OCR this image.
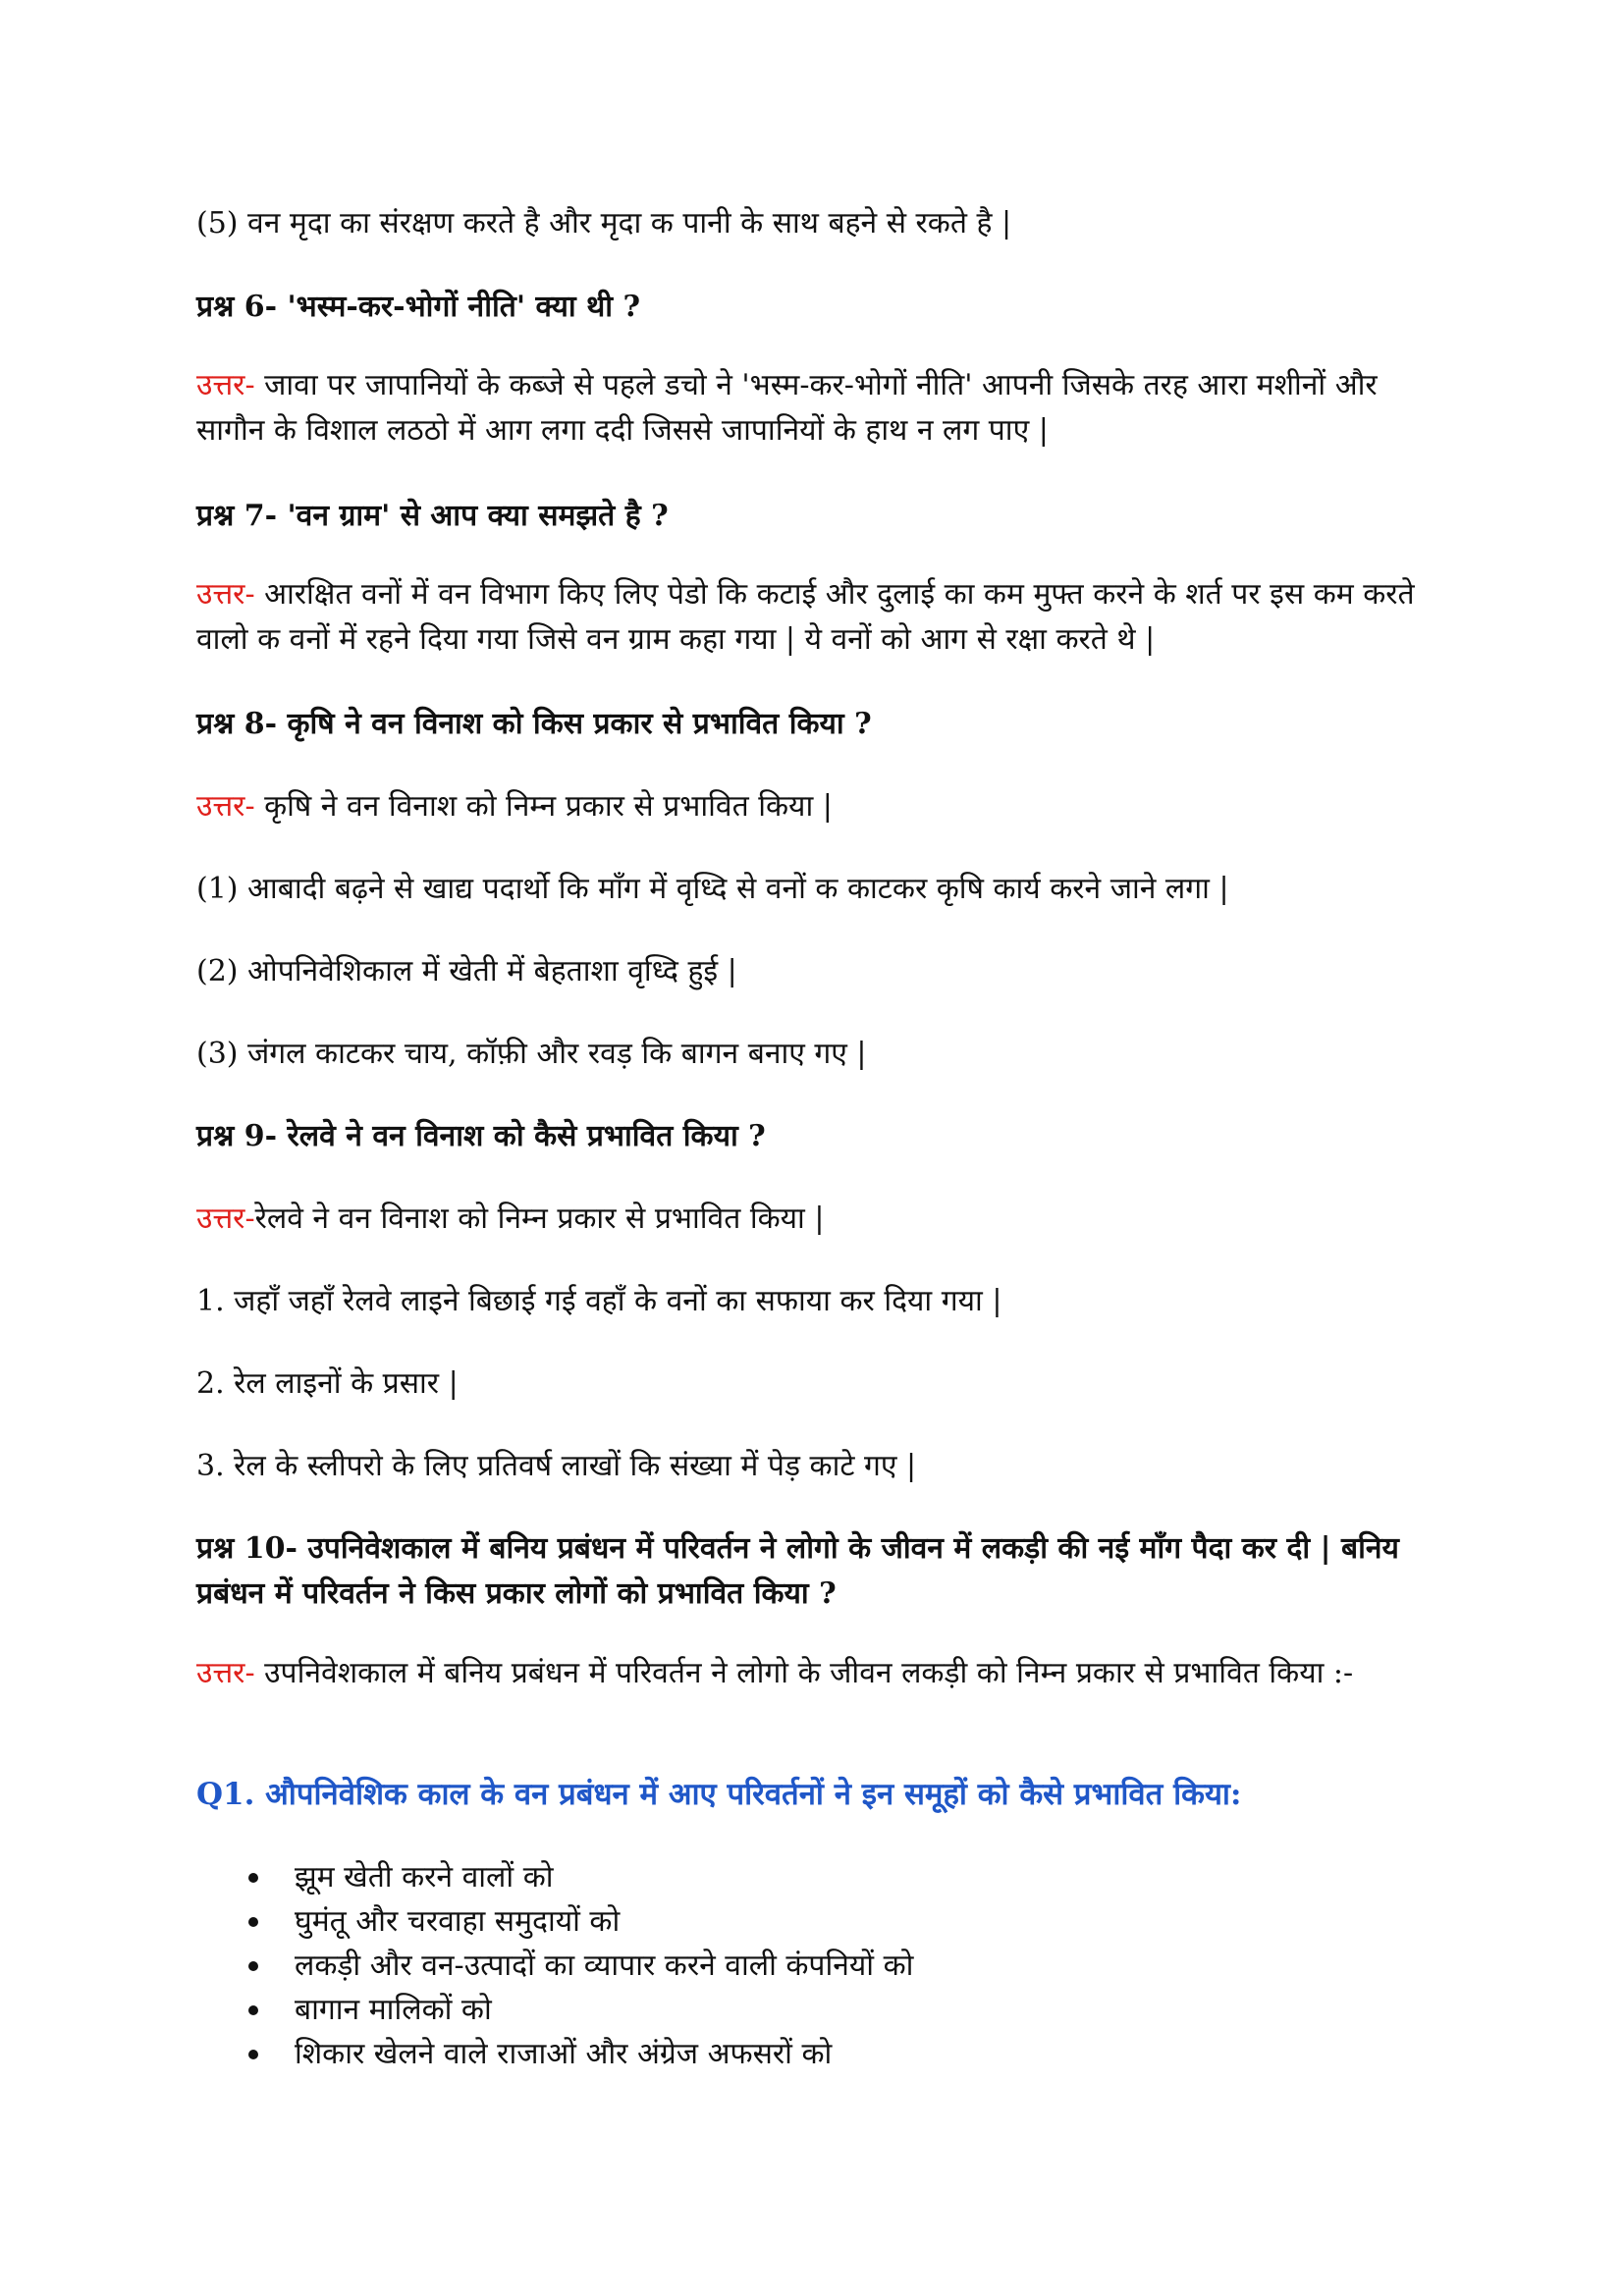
(5) वन मृदा का संरक्षण करते है और मृदा क पानी के साथ बहने से रकते है |
प्रश्न 6- 'भस्म-कर-भोगों नीति' क्या थी ?
उत्तर- जावा पर जापानियों के कब्जे से पहले डचो ने 'भस्म-कर-भोगों नीति' आपनी जिसके तरह आरा मशीनों और सागौन के विशाल लठठो में आग लगा ददी जिससे जापानियों के हाथ न लग पाए |
प्रश्न 7- 'वन ग्राम' से आप क्या समझते है ?
उत्तर- आरक्षित वनों में वन विभाग किए लिए पेडो कि कटाई और दुलाई का कम मुफ्त करने के शर्त पर इस कम करते वालो क वनों में रहने दिया गया जिसे वन ग्राम कहा गया | ये वनों को आग से रक्षा करते थे |
प्रश्न 8- कृषि ने वन विनाश को किस प्रकार से प्रभावित किया ?
उत्तर- कृषि ने वन विनाश को निम्न प्रकार से प्रभावित किया |
(1) आबादी बढ़ने से खाद्य पदार्थो कि माँग में वृध्दि से वनों क काटकर कृषि कार्य करने जाने लगा |
(2) ओपनिवेशिकाल में खेती में बेहताशा वृध्दि हुई |
(3) जंगल काटकर चाय, कॉफ़ी और रवड़ कि बागन बनाए गए |
प्रश्न 9- रेलवे ने वन विनाश को कैसे प्रभावित किया ?
उत्तर-रेलवे ने वन विनाश को निम्न प्रकार से प्रभावित किया |
1. जहाँ जहाँ रेलवे लाइने बिछाई गई वहाँ के वनों का सफाया कर दिया गया |
2. रेल लाइनों के प्रसार |
3. रेल के स्लीपरो के लिए प्रतिवर्ष लाखों कि संख्या में पेड़ काटे गए |
प्रश्न 10- उपनिवेशकाल में बनिय प्रबंधन में परिवर्तन ने लोगो के जीवन में लकड़ी की नई माँग पैदा कर दी | बनिय प्रबंधन में परिवर्तन ने किस प्रकार लोगों को प्रभावित किया ?
उत्तर- उपनिवेशकाल में बनिय प्रबंधन में परिवर्तन ने लोगो के जीवन लकड़ी को निम्न प्रकार से प्रभावित किया :-
Q1. औपनिवेशिक काल के वन प्रबंधन में आए परिवर्तनों ने इन समूहों को कैसे प्रभावित किया:
झूम खेती करने वालों को
घुमंतू और चरवाहा समुदायों को
लकड़ी और वन-उत्पादों का व्यापार करने वाली कंपनियों को
बागान मालिकों को
शिकार खेलने वाले राजाओं और अंग्रेज अफसरों को
